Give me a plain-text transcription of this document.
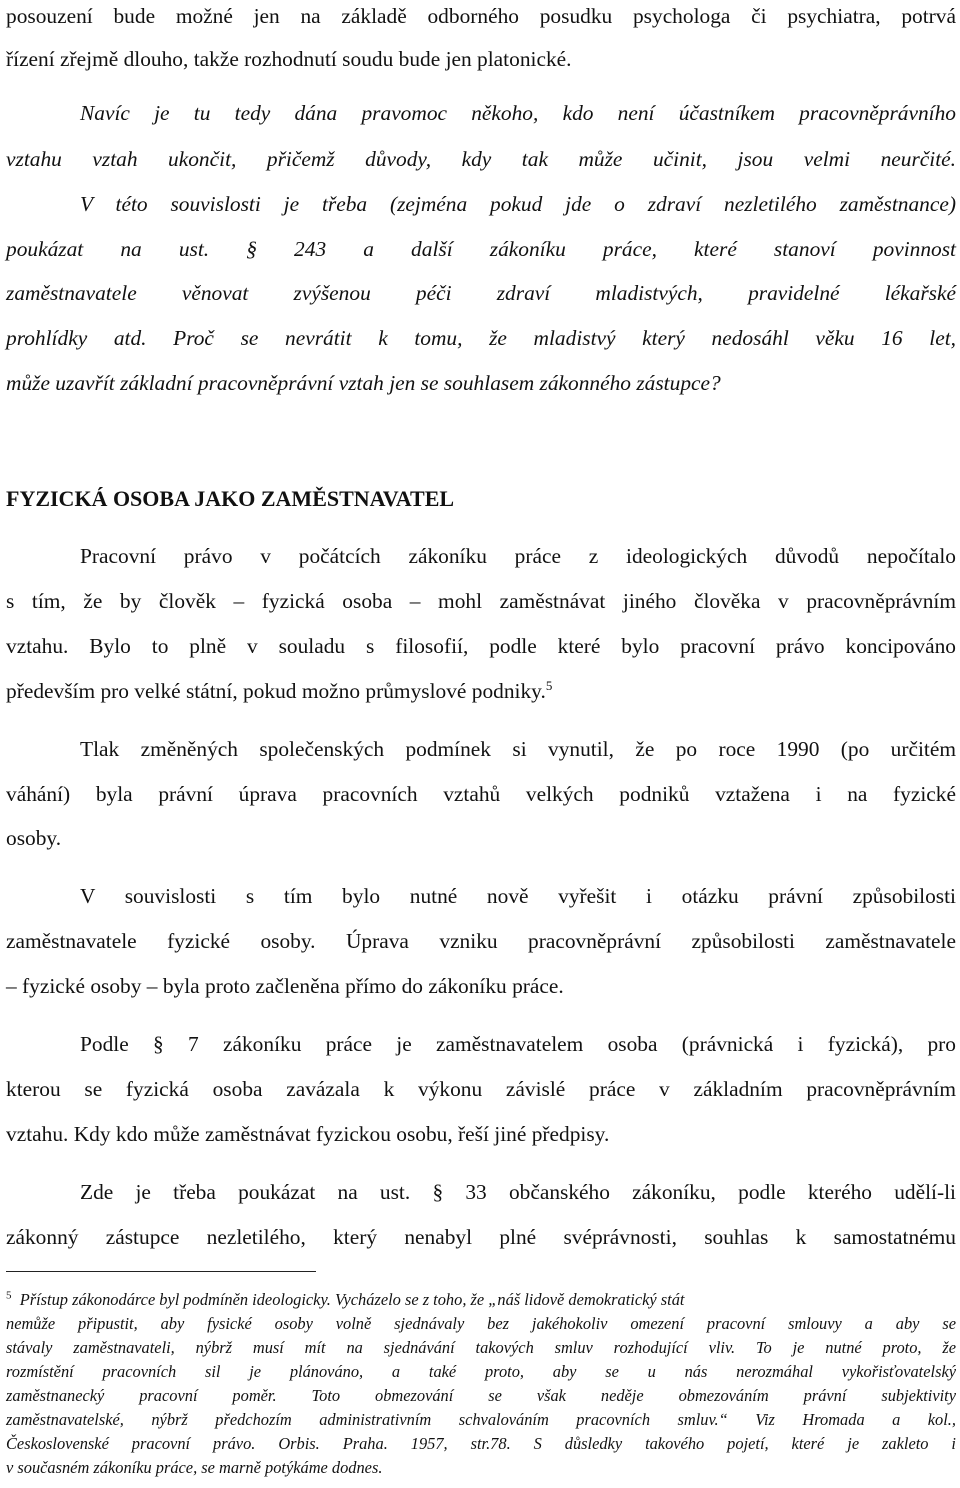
posouzení bude možné jen na základě odborného posudku psychologa či psychiatra, potrvá
řízení zřejmě dlouho, takže rozhodnutí soudu bude jen platonické.
Navíc je tu tedy dána pravomoc někoho, kdo není účastníkem pracovněprávního
vztahu vztah ukončit, přičemž důvody, kdy tak může učinit, jsou velmi neurčité.
V této souvislosti je třeba (zejména pokud jde o zdraví nezletilého zaměstnance)
poukázat na ust. § 243 a další zákoníku práce, které stanoví povinnost
zaměstnavatele věnovat zvýšenou péči zdraví mladistvých, pravidelné lékařské
prohlídky atd. Proč se nevrátit k tomu, že mladistvý který nedosáhl věku 16 let,
může uzavřít základní pracovněprávní vztah jen se souhlasem zákonného zástupce?
FYZICKÁ OSOBA JAKO ZAMĚSTNAVATEL
Pracovní právo v počátcích zákoníku práce z ideologických důvodů nepočítalo
s tím, že by člověk – fyzická osoba – mohl zaměstnávat jiného člověka v pracovněprávním
vztahu. Bylo to plně v souladu s filosofií, podle které bylo pracovní právo koncipováno
především pro velké státní, pokud možno průmyslové podniky.$^5$
Tlak změněných společenských podmínek si vynutil, že po roce 1990 (po určitém
váhání) byla právní úprava pracovních vztahů velkých podniků vztažena i na fyzické
osoby.
V souvislosti s tím bylo nutné nově vyřešit i otázku právní způsobilosti
zaměstnavatele fyzické osoby. Úprava vzniku pracovněprávní způsobilosti zaměstnavatele
– fyzické osoby – byla proto začleněna přímo do zákoníku práce.
Podle § 7 zákoníku práce je zaměstnavatelem osoba (právnická i fyzická), pro
kterou se fyzická osoba zavázala k výkonu závislé práce v základním pracovněprávním
vztahu. Kdy kdo může zaměstnávat fyzickou osobu, řeší jiné předpisy.
Zde je třeba poukázat na ust. § 33 občanského zákoníku, podle kterého udělí-li
zákonný zástupce nezletilého, který nenabyl plné svéprávnosti, souhlas k samostatnému
$^5$ Přístup zákonodárce byl podmíněn ideologicky. Vycházelo se z toho, že „náš lidově demokratický stát
nemůže připustit, aby fysické osoby volně sjednávaly bez jakéhokoliv omezení pracovní smlouvy a aby se
stávaly zaměstnavateli, nýbrž musí mít na sjednávání takových smluv rozhodující vliv. To je nutné proto, že
rozmístění pracovních sil je plánováno, a také proto, aby se u nás nerozmáhal vykořisťovatelský
zaměstnanecký pracovní poměr. Toto obmezování se však neděje obmezováním právní subjektivity
zaměstnavatelské, nýbrž předchozím administrativním schvalováním pracovních smluv.“ Viz Hromada a kol.,
Československé pracovní právo. Orbis. Praha. 1957, str.78. S důsledky takového pojetí, které je zakleto i
v současném zákoníku práce, se marně potýkáme dodnes.
